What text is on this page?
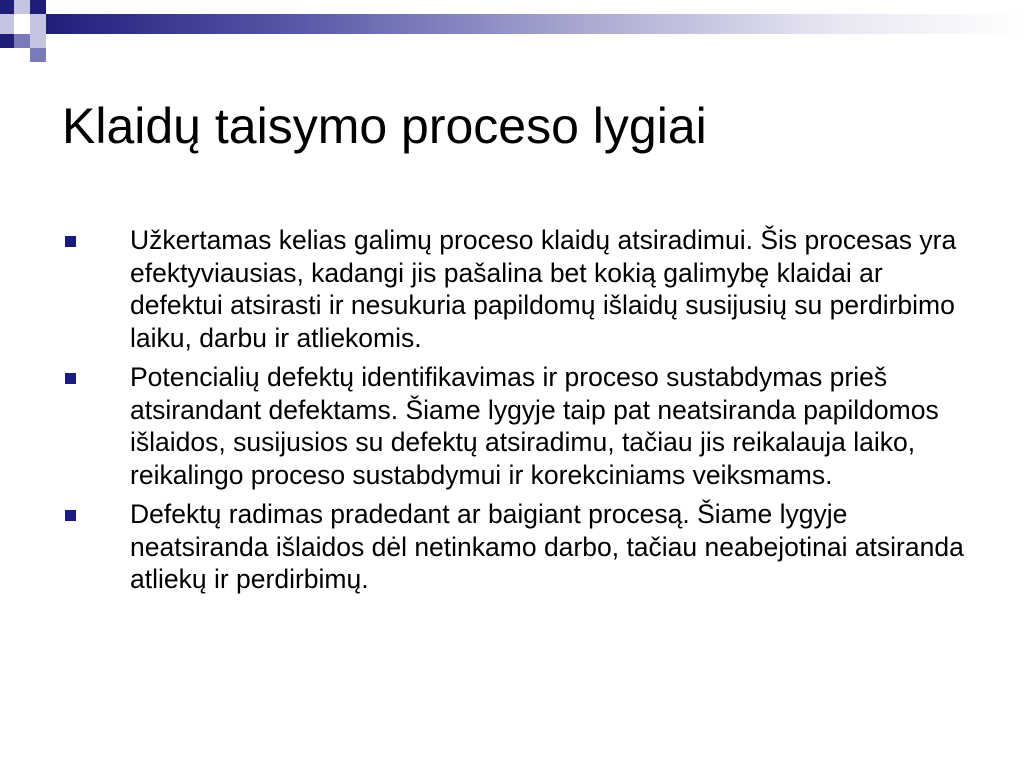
Klaidų taisymo proceso lygiai
Užkertamas kelias galimų proceso klaidų atsiradimui. Šis procesas yra efektyviausias, kadangi jis pašalina bet kokią galimybę klaidai ar defektui atsirasti ir nesukuria papildomų išlaidų susijusių su perdirbimo laiku, darbu ir atliekomis.
Potencialių defektų identifikavimas ir proceso sustabdymas prieš atsirandant defektams. Šiame lygyje taip pat neatsiranda papildomos išlaidos, susijusios su defektų atsiradimu, tačiau jis reikalauja laiko, reikalingo proceso sustabdymui ir korekciniams veiksmams.
Defektų radimas pradedant ar baigiant procesą. Šiame lygyje neatsiranda išlaidos dėl netinkamo darbo, tačiau neabejotinai atsiranda atliekų ir perdirbimų.
